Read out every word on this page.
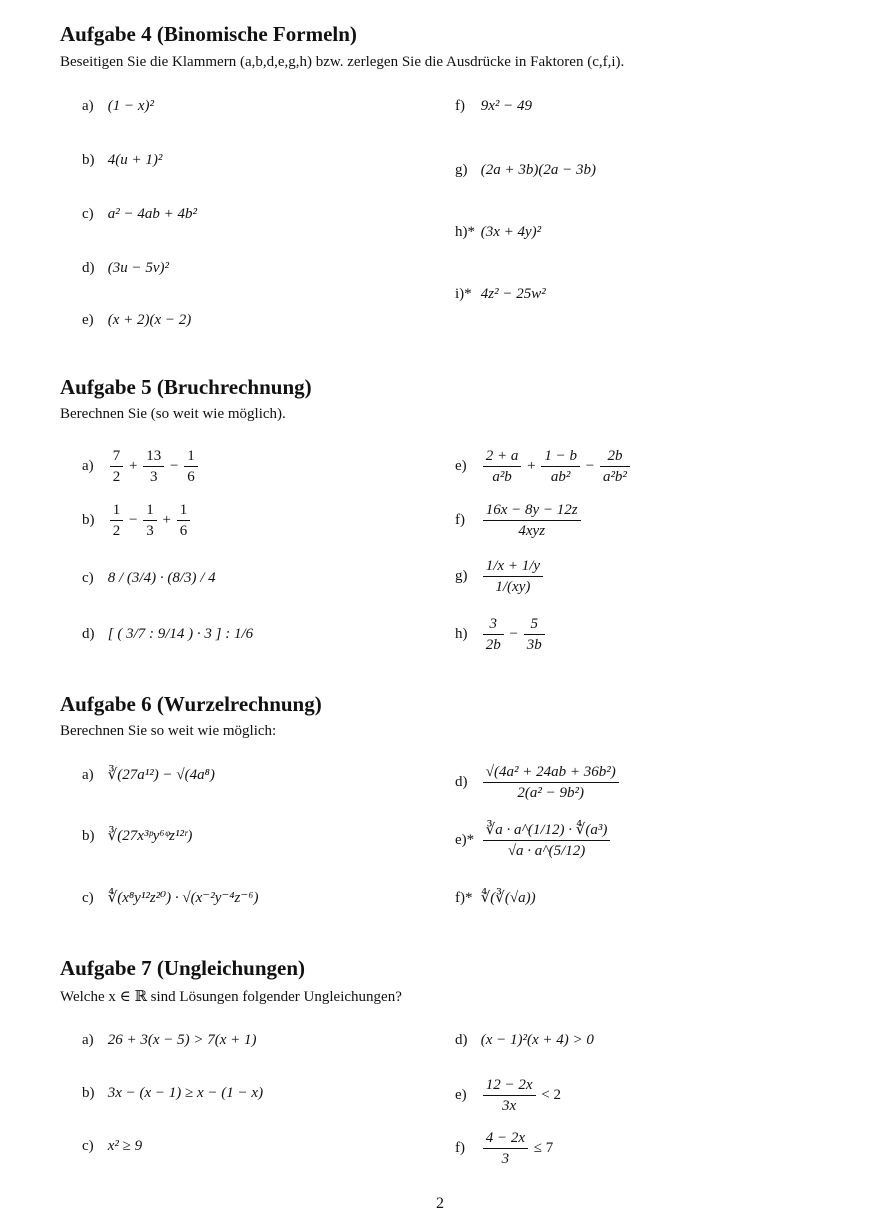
Aufgabe 4 (Binomische Formeln)

Beseitigen Sie die Klammern (a,b,d,e,g,h) bzw. zerlegen Sie die Ausdrücke in Faktoren (c,f,i).

a) (1 − x)²
b) 4(u + 1)²
c) a² − 4ab + 4b²
d) (3u − 5v)²
e) (x + 2)(x − 2)
f) 9x² − 49
g) (2a + 3b)(2a − 3b)
h)* (3x + 4y)²
i)* 4z² − 25w²
Aufgabe 5 (Bruchrechnung)

Berechnen Sie (so weit wie möglich).

$a) \frac{7}{2} + \frac{13}{3} - \frac{1}{6}$
$b) \frac{1}{2} - \frac{1}{3} + \frac{1}{6}$
c) 8 / (3/4) · (8/3) / 4
d) [ ( 3/7 : 9/14 ) · 3 ] : 1/6
$e) \frac{2 + a}{\text{a²b}} + \frac{1 - b}{\text{ab²}} - \frac{2b}{\text{a²b²}}$
$f) \frac{16x - 8y - 12z}{\text{4xyz}}$
$g) \frac{1/x + 1/y}{1/(xy)}$
$h) \frac{3}{2b} - \frac{5}{3b}$
Aufgabe 6 (Wurzelrechnung)

Berechnen Sie so weit wie möglich:

a) ∛(27a¹²) − √(4a⁸)
b) ∛(27x³ᵖy⁶ᵠz¹²ʳ)
c) ∜(x⁸y¹²z²⁰) · √(x⁻²y⁻⁴z⁻⁶)
$d) \frac{\text{√(4a² + 24ab + 36b²)}}{\text{2(a² − 9b²)}}$
$e)* \frac{\text{∛a · a\textasciicircum{}(1/12) · ∜(a³)}}{√a \cdot a\^{}(5/12)}$
f)* ∜(∛(√a))
Aufgabe 7 (Ungleichungen)

Welche x ∈ ℝ sind Lösungen folgender Ungleichungen?

a) 26 + 3(x − 5) > 7(x + 1)
b) 3x − (x − 1) ≥ x − (1 − x)
c) x² ≥ 9
d) (x − 1)²(x + 4) > 0
$e) \frac{12 - 2x}{3x} < 2$
$f) \frac{4 - 2x}{3} \le 7$
2
